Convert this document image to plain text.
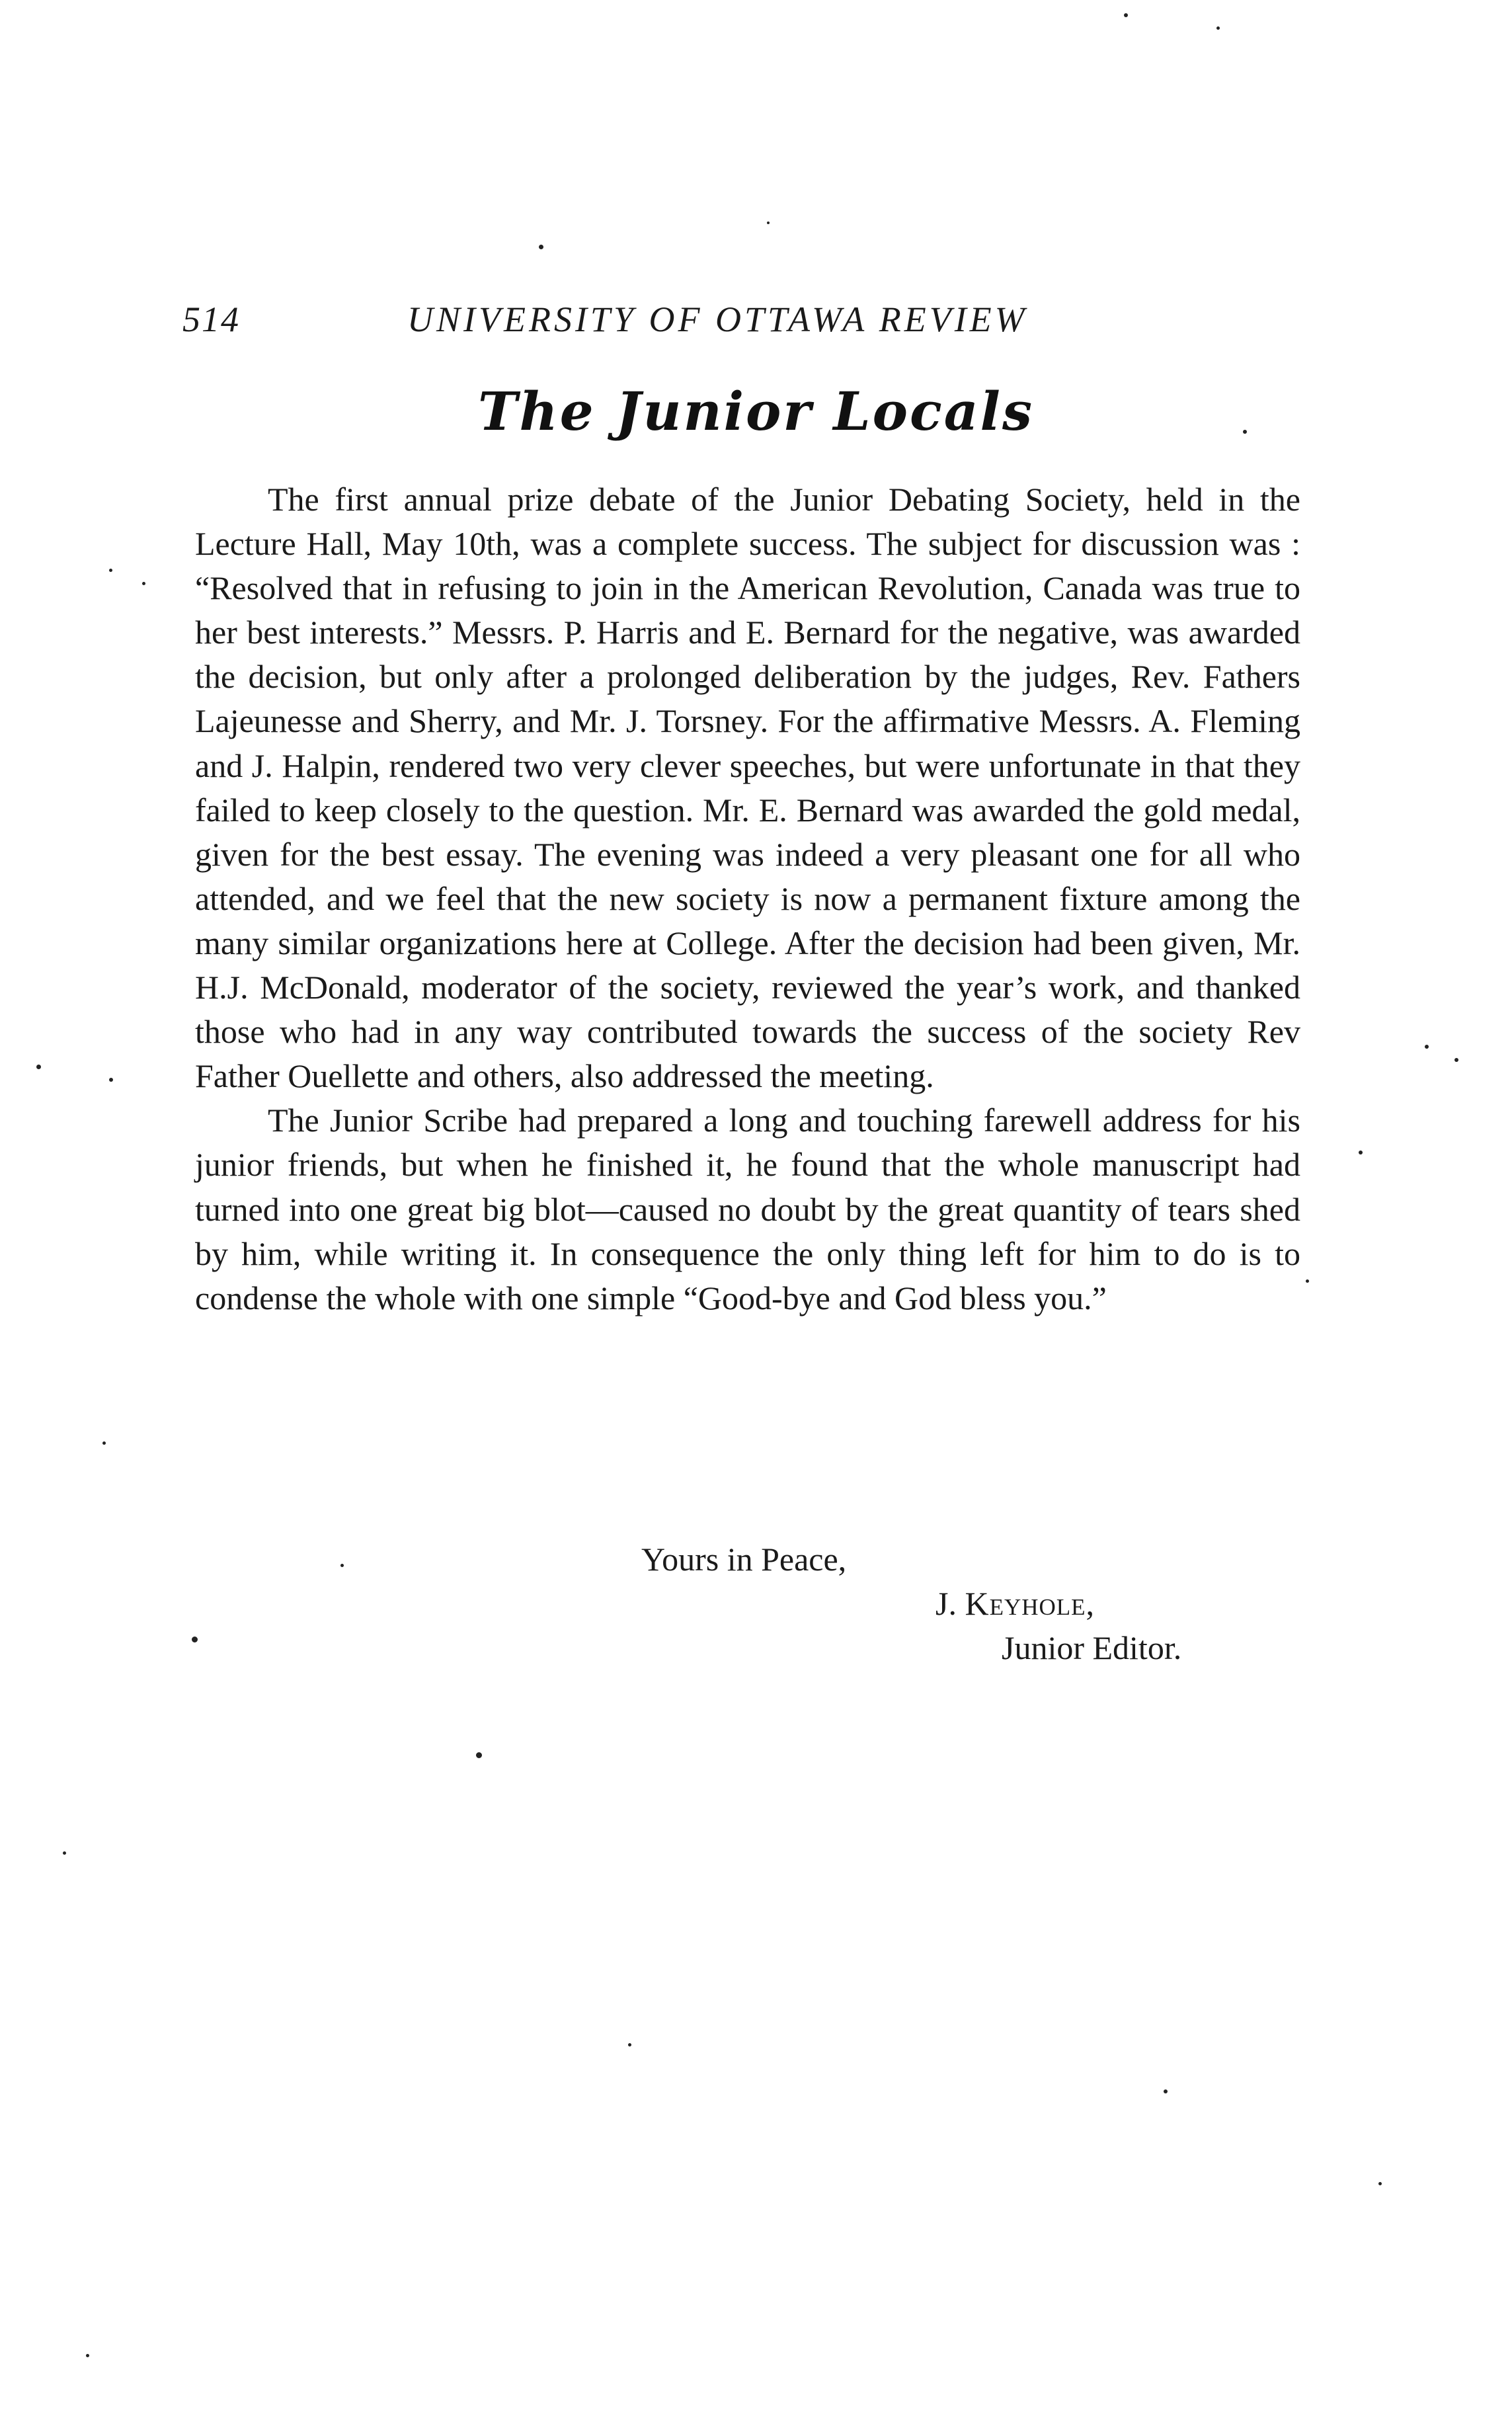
514	UNIVERSITY OF OTTAWA REVIEW
The Junior Locals

The first annual prize debate of the Junior Debating Society, held in the Lecture Hall, May 10th, was a complete success. The subject for discussion was : “Resolved that in refusing to join in the American Revolution, Canada was true to her best interests.” Messrs. P. Harris and E. Bernard for the negative, was awarded the decision, but only after a prolonged deliberation by the judges, Rev. Fathers Lajeunesse and Sherry, and Mr. J. Torsney. For the affirmative Messrs. A. Fleming and J. Halpin, rendered two very clever speeches, but were unfortunate in that they failed to keep closely to the question. Mr. E. Bernard was awarded the gold medal, given for the best essay. The evening was indeed a very pleasant one for all who attended, and we feel that the new society is now a permanent fixture among the many similar organizations here at College. After the decision had been given, Mr. H.J. McDonald, moderator of the society, reviewed the year’s work, and thanked those who had in any way contributed towards the success of the society Rev Father Ouellette and others, also addressed the meeting.

The Junior Scribe had prepared a long and touching farewell address for his junior friends, but when he finished it, he found that the whole manuscript had turned into one great big blot—caused no doubt by the great quantity of tears shed by him, while writing it. In consequence the only thing left for him to do is to condense the whole with one simple “Good-bye and God bless you.”

Yours in Peace,
J. Keyhole,
Junior Editor.
